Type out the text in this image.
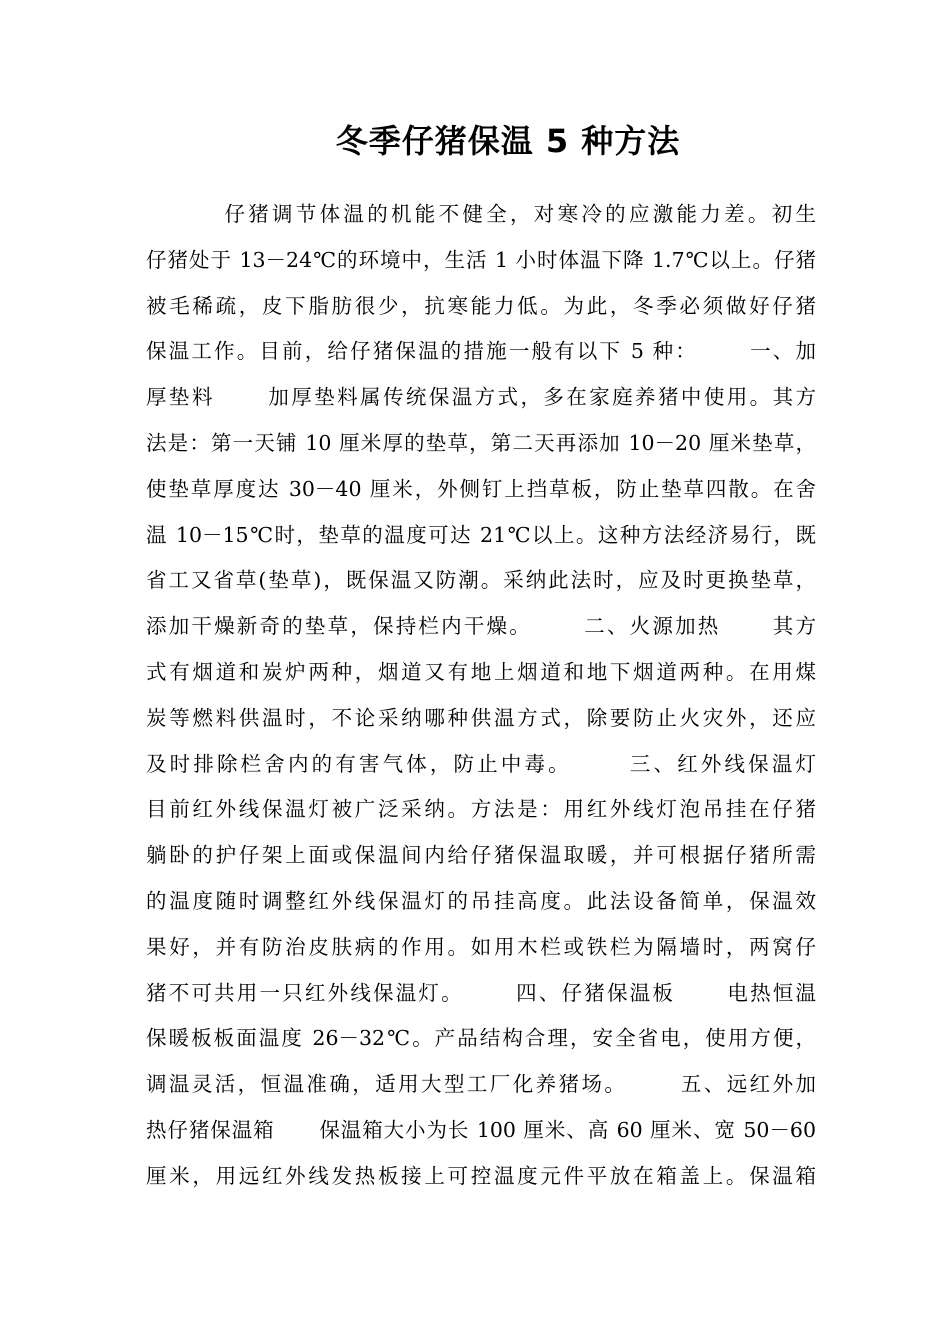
冬季仔猪保温 5 种方法
仔猪调节体温的机能不健全，对寒冷的应激能力差。初生
仔猪处于 13－24℃的环境中，生活 1 小时体温下降 1.7℃以上。仔猪
被毛稀疏，皮下脂肪很少，抗寒能力低。为此，冬季必须做好仔猪
保温工作。目前，给仔猪保温的措施一般有以下 5 种：      一、加
厚垫料      加厚垫料属传统保温方式，多在家庭养猪中使用。其方
法是：第一天铺 10 厘米厚的垫草，第二天再添加 10－20 厘米垫草，
使垫草厚度达 30－40 厘米，外侧钉上挡草板，防止垫草四散。在舍
温 10－15℃时，垫草的温度可达 21℃以上。这种方法经济易行，既
省工又省草(垫草)，既保温又防潮。采纳此法时，应及时更换垫草，
添加干燥新奇的垫草，保持栏内干燥。      二、火源加热      其方
式有烟道和炭炉两种，烟道又有地上烟道和地下烟道两种。在用煤
炭等燃料供温时，不论采纳哪种供温方式，除要防止火灾外，还应
及时排除栏舍内的有害气体，防止中毒。      三、红外线保温灯
目前红外线保温灯被广泛采纳。方法是：用红外线灯泡吊挂在仔猪
躺卧的护仔架上面或保温间内给仔猪保温取暖，并可根据仔猪所需
的温度随时调整红外线保温灯的吊挂高度。此法设备简单，保温效
果好，并有防治皮肤病的作用。如用木栏或铁栏为隔墙时，两窝仔
猪不可共用一只红外线保温灯。      四、仔猪保温板      电热恒温
保暖板板面温度 26－32℃。产品结构合理，安全省电，使用方便，
调温灵活，恒温准确，适用大型工厂化养猪场。      五、远红外加
热仔猪保温箱      保温箱大小为长 100 厘米、高 60 厘米、宽 50－60
厘米，用远红外线发热板接上可控温度元件平放在箱盖上。保温箱
